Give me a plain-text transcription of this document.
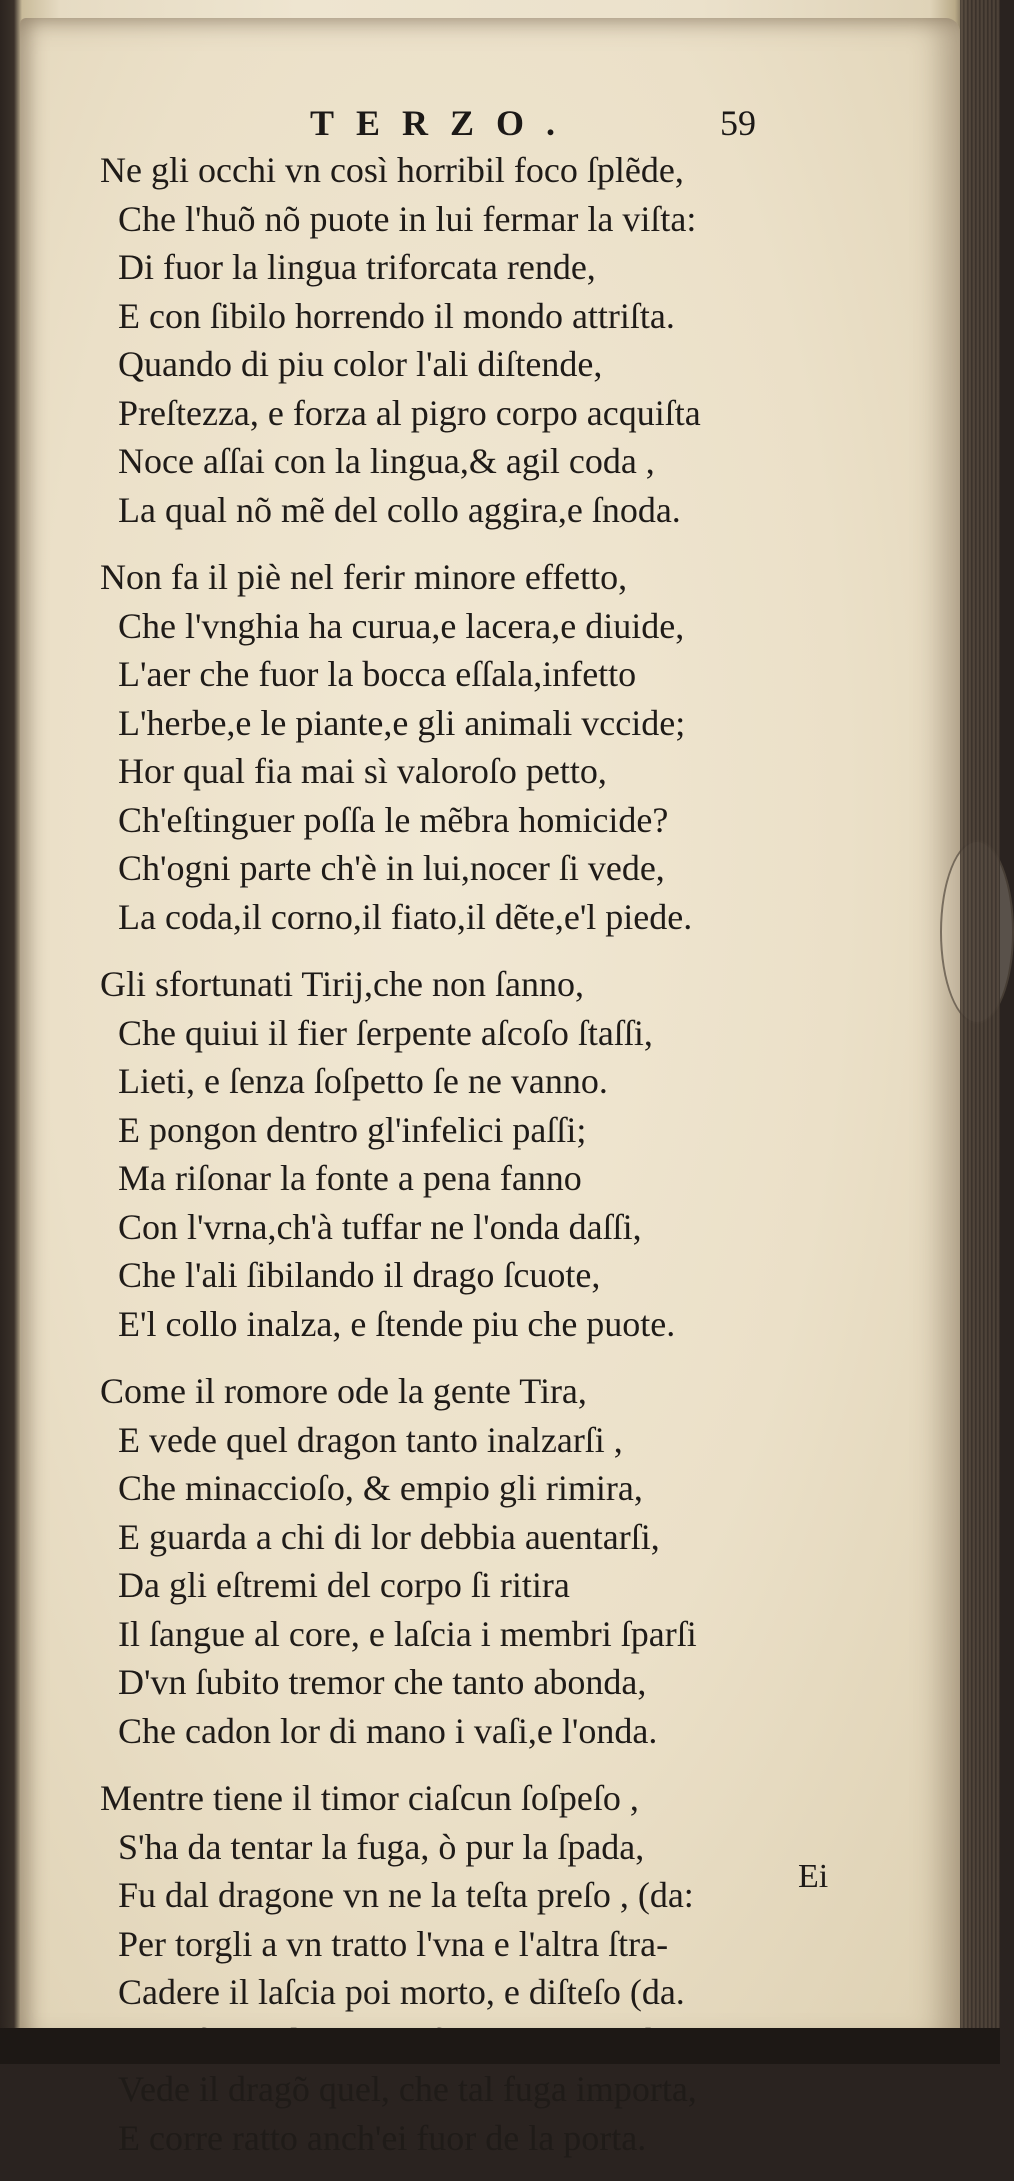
TERZO.	59
Ne gli occhi vn così horribil foco ſplẽde,
Che l'huõ nõ puote in lui fermar la viſta:
Di fuor la lingua triforcata rende,
E con ſibilo horrendo il mondo attriſta.
Quando di piu color l'ali diſtende,
Preſtezza, e forza al pigro corpo acquiſta
Noce aſſai con la lingua,& agil coda ,
La qual nõ mẽ del collo aggira,e ſnoda.
Non fa il piè nel ferir minore effetto,
Che l'vnghia ha curua,e lacera,e diuide,
L'aer che fuor la bocca eſſala,infetto
L'herbe,e le piante,e gli animali vccide;
Hor qual fia mai sì valoroſo petto,
Ch'eſtinguer poſſa le mẽbra homicide?
Ch'ogni parte ch'è in lui,nocer ſi vede,
La coda,il corno,il fiato,il dẽte,e'l piede.
Gli sfortunati Tirij,che non ſanno,
Che quiui il fier ſerpente aſcoſo ſtaſſi,
Lieti, e ſenza ſoſpetto ſe ne vanno.
E pongon dentro gl'infelici paſſi;
Ma riſonar la fonte a pena fanno
Con l'vrna,ch'à tuffar ne l'onda daſſi,
Che l'ali ſibilando il drago ſcuote,
E'l collo inalza, e ſtende piu che puote.
Come il romore ode la gente Tira,
E vede quel dragon tanto inalzarſi ,
Che minaccioſo, & empio gli rimira,
E guarda a chi di lor debbia auentarſi,
Da gli eſtremi del corpo ſi ritira
Il ſangue al core, e laſcia i membri ſparſi
D'vn ſubito tremor che tanto abonda,
Che cadon lor di mano i vaſi,e l'onda.
Mentre tiene il timor ciaſcun ſoſpeſo ,
S'ha da tentar la fuga, ò pur la ſpada,
Fu dal dragone vn ne la teſta preſo , (da:
Per torgli a vn tratto l'vna e l'altra ſtra-
Cadere il laſcia poi morto, e diſteſo (da.
Vede il dragõ quel, che tal fuga importa,
E corre ratto anch'ei fuor de la porta.
Ei
